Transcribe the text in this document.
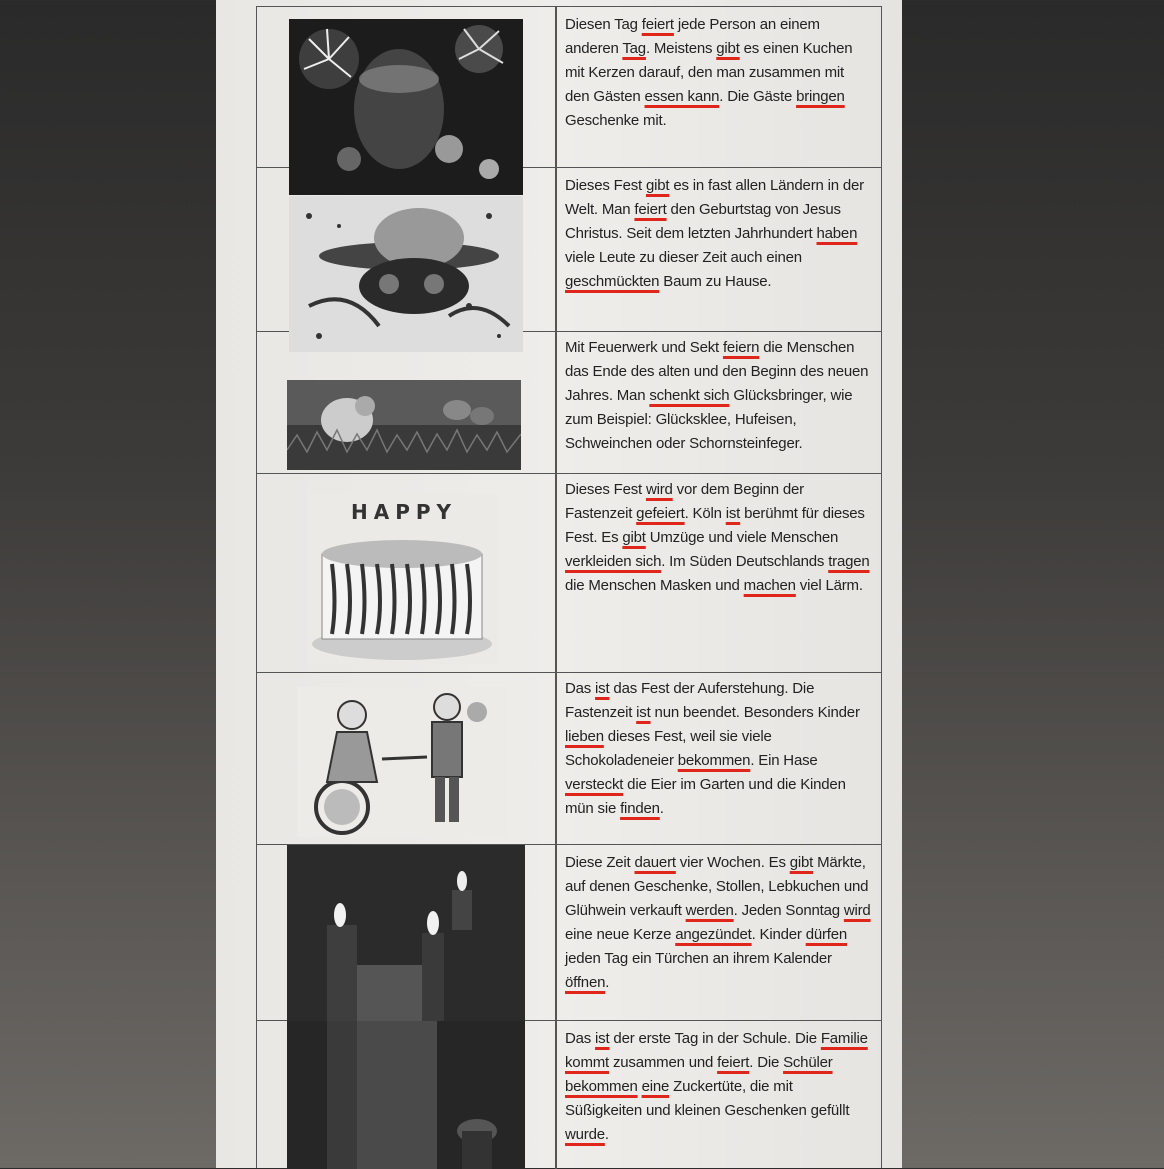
Diesen Tag feiert jede Person an einem anderen Tag. Meistens gibt es einen Kuchen mit Kerzen darauf, den man zusammen mit den Gästen essen kann. Die Gäste bringen Geschenke mit.
Dieses Fest gibt es in fast allen Ländern in der Welt. Man feiert den Geburtstag von Jesus Christus. Seit dem letzten Jahrhundert haben viele Leute zu dieser Zeit auch einen geschmückten Baum zu Hause.
Mit Feuerwerk und Sekt feiern die Menschen das Ende des alten und den Beginn des neuen Jahres. Man schenkt sich Glücksbringer, wie zum Beispiel: Glücksklee, Hufeisen, Schweinchen oder Schornsteinfeger.
HAPPY
Dieses Fest wird vor dem Beginn der Fastenzeit gefeiert. Köln ist berühmt für dieses Fest. Es gibt Umzüge und viele Menschen verkleiden sich. Im Süden Deutschlands tragen die Menschen Masken und machen viel Lärm.
Das ist das Fest der Auferstehung. Die Fastenzeit ist nun beendet. Besonders Kinder lieben dieses Fest, weil sie viele Schokoladeneier bekommen. Ein Hase versteckt die Eier im Garten und die Kinden mün sie finden.
Diese Zeit dauert vier Wochen. Es gibt Märkte, auf denen Geschenke, Stollen, Lebkuchen und Glühwein verkauft werden. Jeden Sonntag wird eine neue Kerze angezündet. Kinder dürfen jeden Tag ein Türchen an ihrem Kalender öffnen.
Das ist der erste Tag in der Schule. Die Familie kommt zusammen und feiert. Die Schüler bekommen eine Zuckertüte, die mit Süßigkeiten und kleinen Geschenken gefüllt wurde.
